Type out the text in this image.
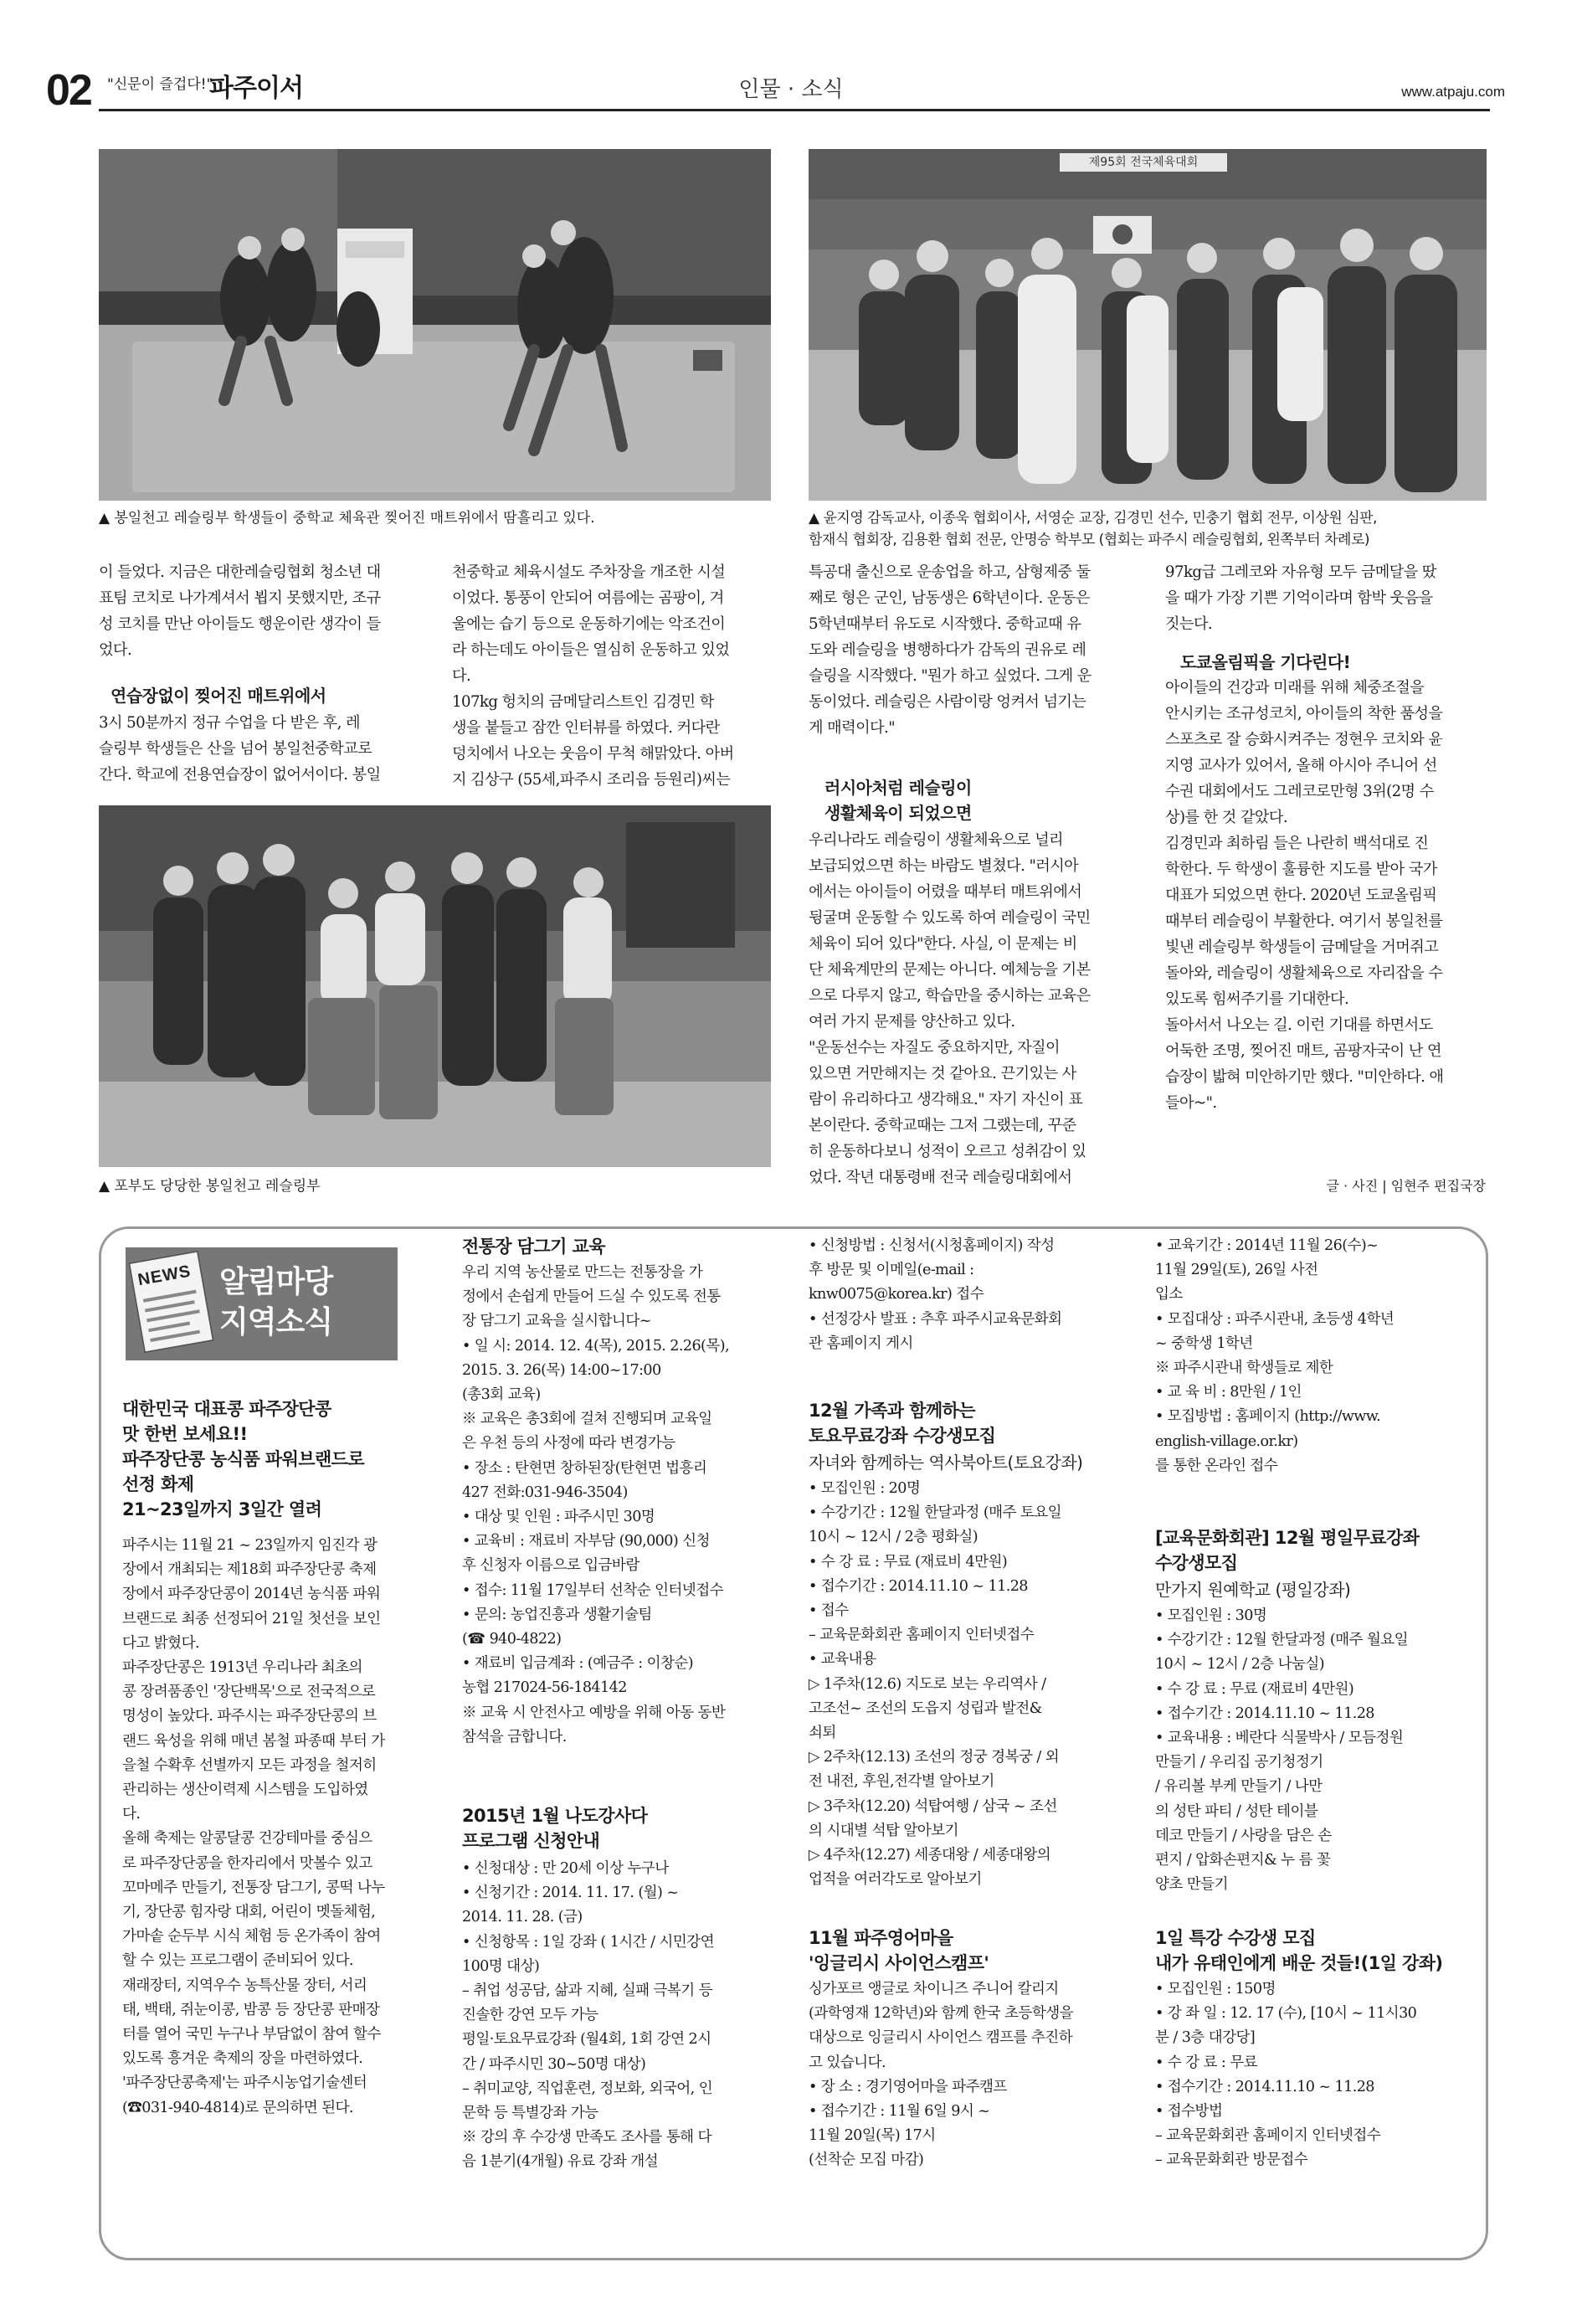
02 "신문이 즐겁다!"
파주이서	인물 · 소식	www.atpaju.com
▲ 봉일천고 레슬링부 학생들이 중학교 체육관 찢어진 매트위에서 땀흘리고 있다.
제95회 전국체육대회
▲ 윤지영 감독교사, 이종욱 협회이사, 서영순 교장, 김경민 선수, 민충기 협회 전무, 이상원 심판,
함재식 협회장, 김용환 협회 전문, 안명승 학부모 (협회는 파주시 레슬링협회, 왼쪽부터 차례로)
이 들었다. 지금은 대한레슬링협회 청소년 대
표팀 코치로 나가계셔서 뵙지 못했지만, 조규
성 코치를 만난 아이들도 행운이란 생각이 들
었다.
연습장없이 찢어진 매트위에서
3시 50분까지 정규 수업을 다 받은 후, 레
슬링부 학생들은 산을 넘어 봉일천중학교로
간다. 학교에 전용연습장이 없어서이다. 봉일
천중학교 체육시설도 주차장을 개조한 시설
이었다. 통풍이 안되어 여름에는 곰팡이, 겨
울에는 습기 등으로 운동하기에는 악조건이
라 하는데도 아이들은 열심히 운동하고 있었
다.
107kg 헝치의 금메달리스트인 김경민 학
생을 붙들고 잠깐 인터뷰를 하였다. 커다란
덩치에서 나오는 웃음이 무척 해맑았다. 아버
지 김상구 (55세,파주시 조리읍 등원리)씨는
▲ 포부도 당당한 봉일천고 레슬링부
특공대 출신으로 운송업을 하고, 삼형제중 둘
째로 형은 군인, 남동생은 6학년이다. 운동은
5학년때부터 유도로 시작했다. 중학교때 유
도와 레슬링을 병행하다가 감독의 권유로 레
슬링을 시작했다. "뭔가 하고 싶었다. 그게 운
동이었다. 레슬링은 사람이랑 엉켜서 넘기는
게 매력이다."
러시아처럼 레슬링이
생활체육이 되었으면
우리나라도 레슬링이 생활체육으로 널리
보급되었으면 하는 바람도 별쳤다. "러시아
에서는 아이들이 어렸을 때부터 매트위에서
뒹굴며 운동할 수 있도록 하여 레슬링이 국민
체육이 되어 있다"한다. 사실, 이 문제는 비
단 체육계만의 문제는 아니다. 예체능을 기본
으로 다루지 않고, 학습만을 중시하는 교육은
여러 가지 문제를 양산하고 있다.
"운동선수는 자질도 중요하지만, 자질이
있으면 거만해지는 것 같아요. 끈기있는 사
람이 유리하다고 생각해요." 자기 자신이 표
본이란다. 중학교때는 그저 그랬는데, 꾸준
히 운동하다보니 성적이 오르고 성취감이 있
었다. 작년 대통령배 전국 레슬링대회에서
97kg급 그레코와 자유형 모두 금메달을 땄
을 때가 가장 기쁜 기억이라며 함박 웃음을
짓는다.
도쿄올림픽을 기다린다!
아이들의 건강과 미래를 위해 체중조절을
안시키는 조규성코치, 아이들의 착한 품성을
스포츠로 잘 승화시켜주는 정현우 코치와 윤
지영 교사가 있어서, 올해 아시아 주니어 선
수권 대회에서도 그레코로만형 3위(2명 수
상)를 한 것 같았다.
김경민과 최하림 들은 나란히 백석대로 진
학한다. 두 학생이 훌륭한 지도를 받아 국가
대표가 되었으면 한다. 2020년 도쿄올림픽
때부터 레슬링이 부활한다. 여기서 봉일천를
빛낸 레슬링부 학생들이 금메달을 거머쥐고
돌아와, 레슬링이 생활체육으로 자리잡을 수
있도록 힘써주기를 기대한다.
돌아서서 나오는 길. 이런 기대를 하면서도
어둑한 조명, 찢어진 매트, 곰팡자국이 난 연
습장이 밟혀 미안하기만 했다. "미안하다. 애
들아~".
글 · 사진 | 임현주 편집국장
NEWS 알림마당
지역소식
대한민국 대표콩 파주장단콩
맛 한번 보세요!!
파주장단콩 농식품 파워브랜드로
선정 화제
21~23일까지 3일간 열려
파주시는 11월 21 ~ 23일까지 임진각 광
장에서 개최되는 제18회 파주장단콩 축제
장에서 파주장단콩이 2014년 농식품 파워
브랜드로 최종 선정되어 21일 첫선을 보인
다고 밝혔다.
파주장단콩은 1913년 우리나라 최초의
콩 장려품종인 '장단백목'으로 전국적으로
명성이 높았다. 파주시는 파주장단콩의 브
랜드 육성을 위해 매년 봄철 파종때 부터 가
을철 수확후 선별까지 모든 과정을 철저히
관리하는 생산이력제 시스템을 도입하였
다.
올해 축제는 알콩달콩 건강테마를 중심으
로 파주장단콩을 한자리에서 맛볼수 있고
꼬마메주 만들기, 전통장 담그기, 콩떡 나누
기, 장단콩 힘자랑 대회, 어린이 멧돌체험,
가마솥 순두부 시식 체험 등 온가족이 참여
할 수 있는 프로그램이 준비되어 있다.
재래장터, 지역우수 농특산물 장터, 서리
태, 백태, 쥐눈이콩, 밤콩 등 장단콩 판매장
터를 열어 국민 누구나 부담없이 참여 할수
있도록 흥겨운 축제의 장을 마련하였다.
'파주장단콩축제'는 파주시농업기술센터
(☎031-940-4814)로 문의하면 된다.
전통장 담그기 교육
우리 지역 농산물로 만드는 전통장을 가
정에서 손쉽게 만들어 드실 수 있도록 전통
장 담그기 교육을 실시합니다~
• 일 시: 2014. 12. 4(목), 2015. 2.26(목),
2015. 3. 26(목) 14:00~17:00
(총3회 교육)
※ 교육은 총3회에 걸쳐 진행되며 교육일
은 우천 등의 사정에 따라 변경가능
• 장소 : 탄현면 창하된장(탄현면 법흥리
427 전화:031-946-3504)
• 대상 및 인원 : 파주시민 30명
• 교육비 : 재료비 자부담 (90,000) 신청
후 신청자 이름으로 입금바람
• 접수: 11월 17일부터 선착순 인터넷접수
• 문의: 농업진흥과 생활기술팀
(☎ 940-4822)
• 재료비 입금계좌 : (예금주 : 이창순)
농협 217024-56-184142
※ 교육 시 안전사고 예방을 위해 아동 동반
참석을 금합니다.
2015년 1월 나도강사다
프로그램 신청안내
• 신청대상 : 만 20세 이상 누구나
• 신청기간 : 2014. 11. 17. (월) ~
2014. 11. 28. (금)
• 신청항목 : 1일 강좌 ( 1시간 / 시민강연
100명 대상)
– 취업 성공담, 삶과 지혜, 실패 극복기 등
진솔한 강연 모두 가능
평일·토요무료강좌 (월4회, 1회 강연 2시
간 / 파주시민 30~50명 대상)
– 취미교양, 직업훈련, 정보화, 외국어, 인
문학 등 특별강좌 가능
※ 강의 후 수강생 만족도 조사를 통해 다
음 1분기(4개월) 유료 강좌 개설
• 신청방법 : 신청서(시청홈페이지) 작성
후 방문 및 이메일(e-mail :
knw0075@korea.kr) 접수
• 선정강사 발표 : 추후 파주시교육문화회
관 홈페이지 게시
12월 가족과 함께하는
토요무료강좌 수강생모집
자녀와 함께하는 역사북아트(토요강좌)
• 모집인원 : 20명
• 수강기간 : 12월 한달과정 (매주 토요일
10시 ~ 12시 / 2층 평화실)
• 수 강 료 : 무료 (재료비 4만원)
• 접수기간 : 2014.11.10 ~ 11.28
• 접수
– 교육문화회관 홈페이지 인터넷접수
• 교육내용
▷ 1주차(12.6) 지도로 보는 우리역사 /
고조선~ 조선의 도읍지 성립과 발전&
쇠퇴
▷ 2주차(12.13) 조선의 정궁 경복궁 / 외
전 내전, 후원,전각별 알아보기
▷ 3주차(12.20) 석탑여행 / 삼국 ~ 조선
의 시대별 석탑 알아보기
▷ 4주차(12.27) 세종대왕 / 세종대왕의
업적을 여러각도로 알아보기
11월 파주영어마을
'잉글리시 사이언스캠프'
싱가포르 앵글로 차이니즈 주니어 칼리지
(과학영재 12학년)와 함께 한국 초등학생을
대상으로 잉글리시 사이언스 캠프를 추진하
고 있습니다.
• 장 소 : 경기영어마을 파주캠프
• 접수기간 : 11월 6일 9시 ~
11월 20일(목) 17시
(선착순 모집 마감)
• 교육기간 : 2014년 11월 26(수)~
11월 29일(토), 26일 사전
입소
• 모집대상 : 파주시관내, 초등생 4학년
~ 중학생 1학년
※ 파주시관내 학생들로 제한
• 교 육 비 : 8만원 / 1인
• 모집방법 : 홈페이지 (http://www.
english-village.or.kr)
를 통한 온라인 접수
[교육문화회관] 12월 평일무료강좌
수강생모집
만가지 원예학교 (평일강좌)
• 모집인원 : 30명
• 수강기간 : 12월 한달과정 (매주 월요일
10시 ~ 12시 / 2층 나눔실)
• 수 강 료 : 무료 (재료비 4만원)
• 접수기간 : 2014.11.10 ~ 11.28
• 교육내용 : 베란다 식물박사 / 모듬정원
만들기 / 우리집 공기청정기
/ 유리볼 부케 만들기 / 나만
의 성탄 파티 / 성탄 테이블
데코 만들기 / 사랑을 담은 손
편지 / 압화손편지& 누 름 꽃
양초 만들기
1일 특강 수강생 모집
내가 유태인에게 배운 것들!(1일 강좌)
• 모집인원 : 150명
• 강 좌 일 : 12. 17 (수), [10시 ~ 11시30
분 / 3층 대강당]
• 수 강 료 : 무료
• 접수기간 : 2014.11.10 ~ 11.28
• 접수방법
– 교육문화회관 홈페이지 인터넷접수
– 교육문화회관 방문접수
